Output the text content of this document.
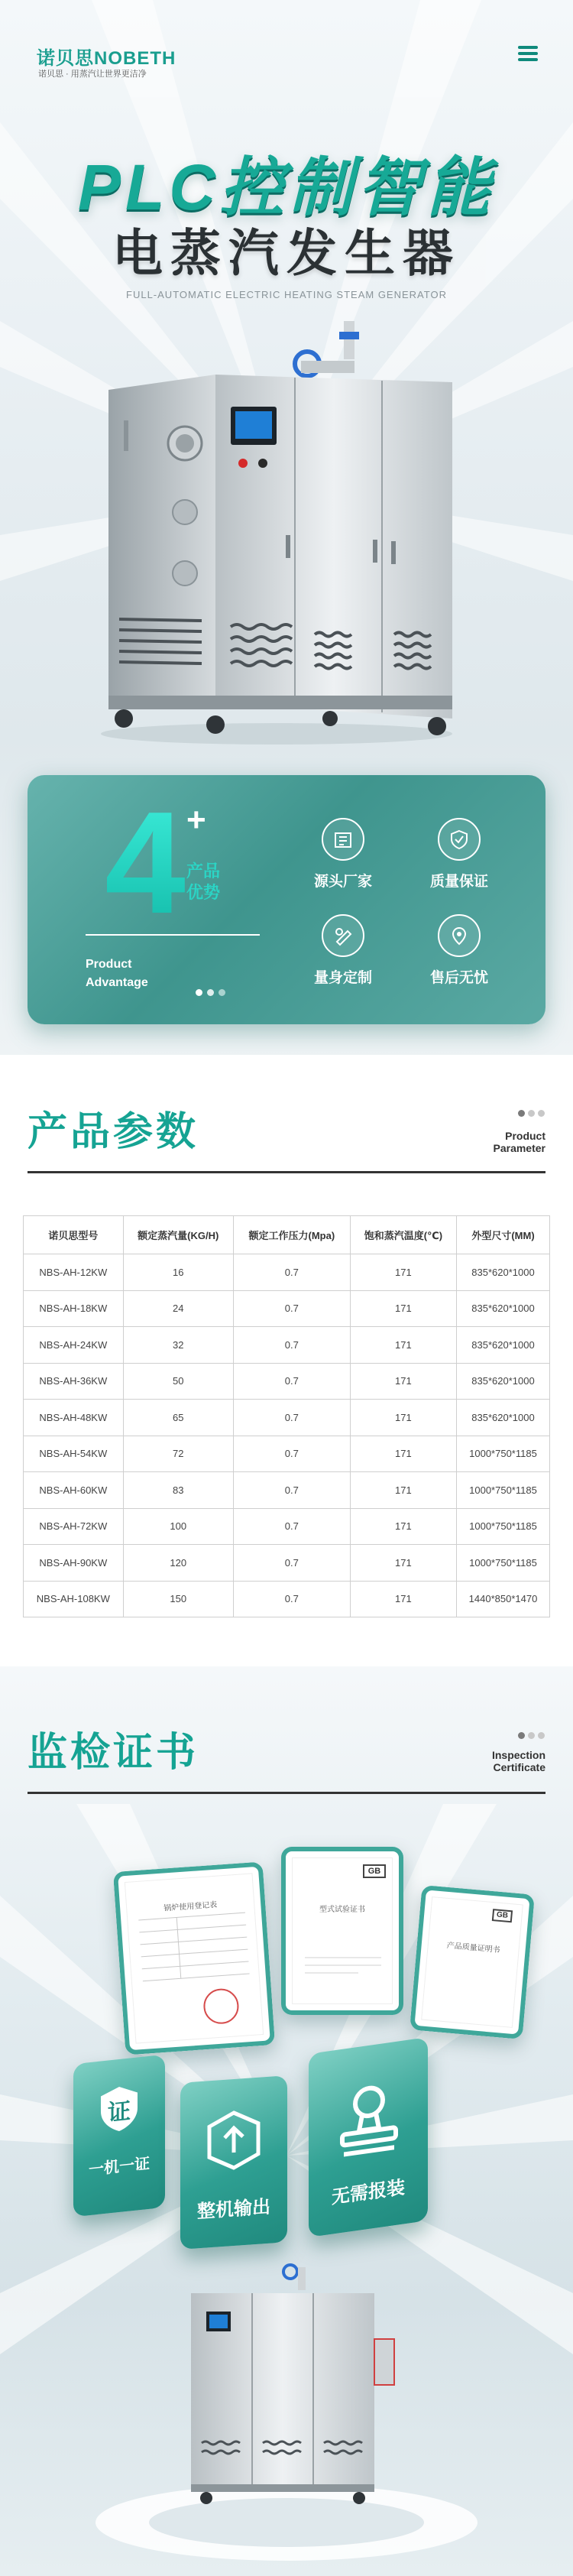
诺贝思NOBETH
诺贝思 · 用蒸汽让世界更洁净
PLC控制智能
电蒸汽发生器
FULL-AUTOMATIC ELECTRIC HEATING STEAM GENERATOR
4 +
产品优势
Product
Advantage
源头厂家	质量保证
量身定制	售后无忧
产品参数	Product
Parameter
诺贝思型号	额定蒸汽量(KG/H)	额定工作压力(Mpa)	饱和蒸汽温度(℃)	外型尺寸(MM)
NBS-AH-12KW	16	0.7	171	835*620*1000
NBS-AH-18KW	24	0.7	171	835*620*1000
NBS-AH-24KW	32	0.7	171	835*620*1000
NBS-AH-36KW	50	0.7	171	835*620*1000
NBS-AH-48KW	65	0.7	171	835*620*1000
NBS-AH-54KW	72	0.7	171	1000*750*1185
NBS-AH-60KW	83	0.7	171	1000*750*1185
NBS-AH-72KW	100	0.7	171	1000*750*1185
NBS-AH-90KW	120	0.7	171	1000*750*1185
NBS-AH-108KW	150	0.7	171	1440*850*1470
监检证书	Inspection
Certificate
锅炉使用登记表
GB
型式试验证书
GB
产品质量证明书
证
一机一证
整机输出
无需报装
